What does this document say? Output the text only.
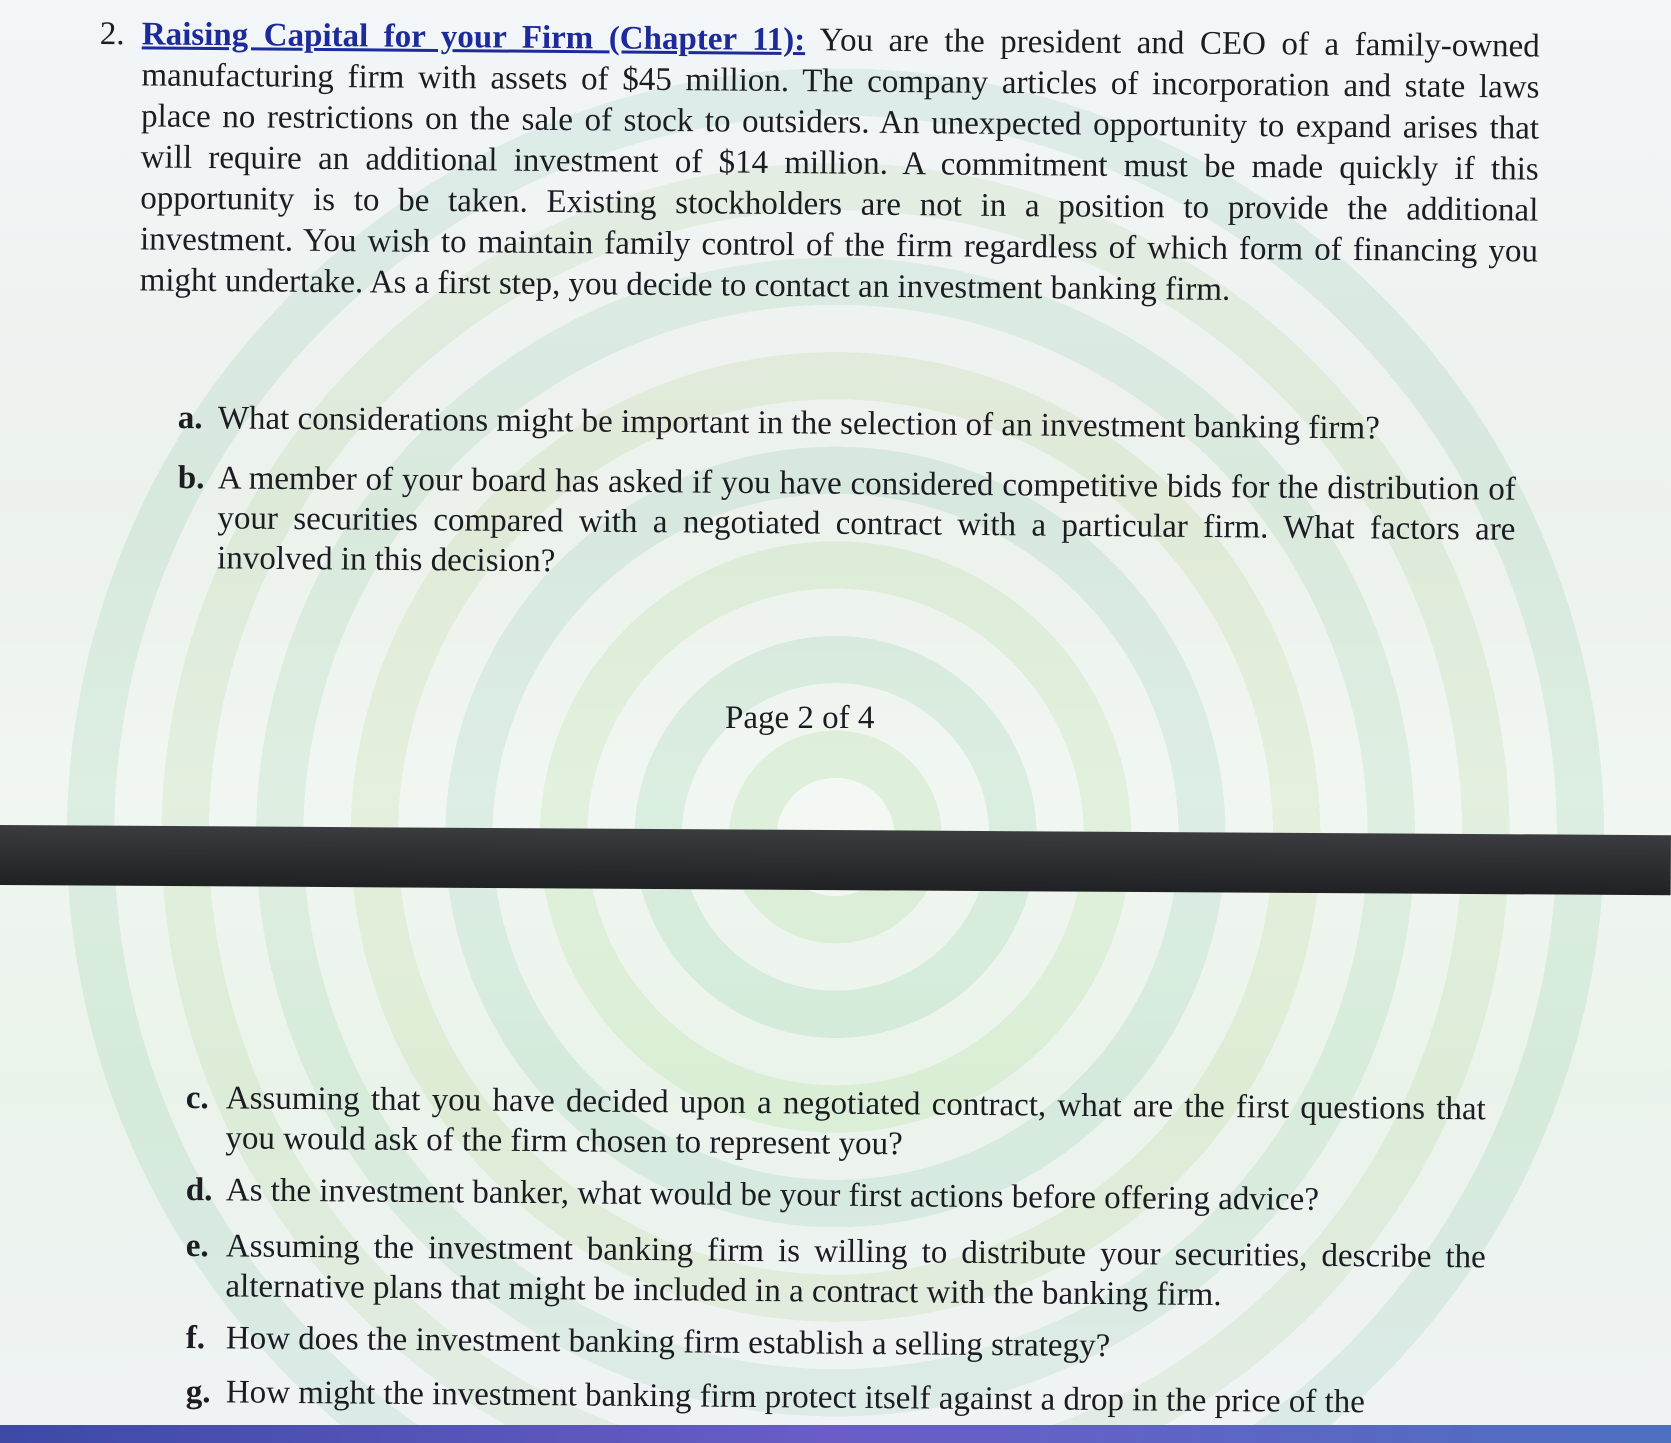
2. Raising Capital for your Firm (Chapter 11): You are the president and CEO of a family-owned manufacturing firm with assets of $45 million. The company articles of incorporation and state laws place no restrictions on the sale of stock to outsiders. An unexpected opportunity to expand arises that will require an additional investment of $14 million. A commitment must be made quickly if this opportunity is to be taken. Existing stockholders are not in a position to provide the additional investment. You wish to maintain family control of the firm regardless of which form of financing you might undertake. As a first step, you decide to contact an investment banking firm.
a. What considerations might be important in the selection of an investment banking firm?
b. A member of your board has asked if you have considered competitive bids for the distribution of your securities compared with a negotiated contract with a particular firm. What factors are involved in this decision?
Page 2 of 4
c. Assuming that you have decided upon a negotiated contract, what are the first questions that you would ask of the firm chosen to represent you?
d. As the investment banker, what would be your first actions before offering advice?
e. Assuming the investment banking firm is willing to distribute your securities, describe the alternative plans that might be included in a contract with the banking firm.
f. How does the investment banking firm establish a selling strategy?
g. How might the investment banking firm protect itself against a drop in the price of the
